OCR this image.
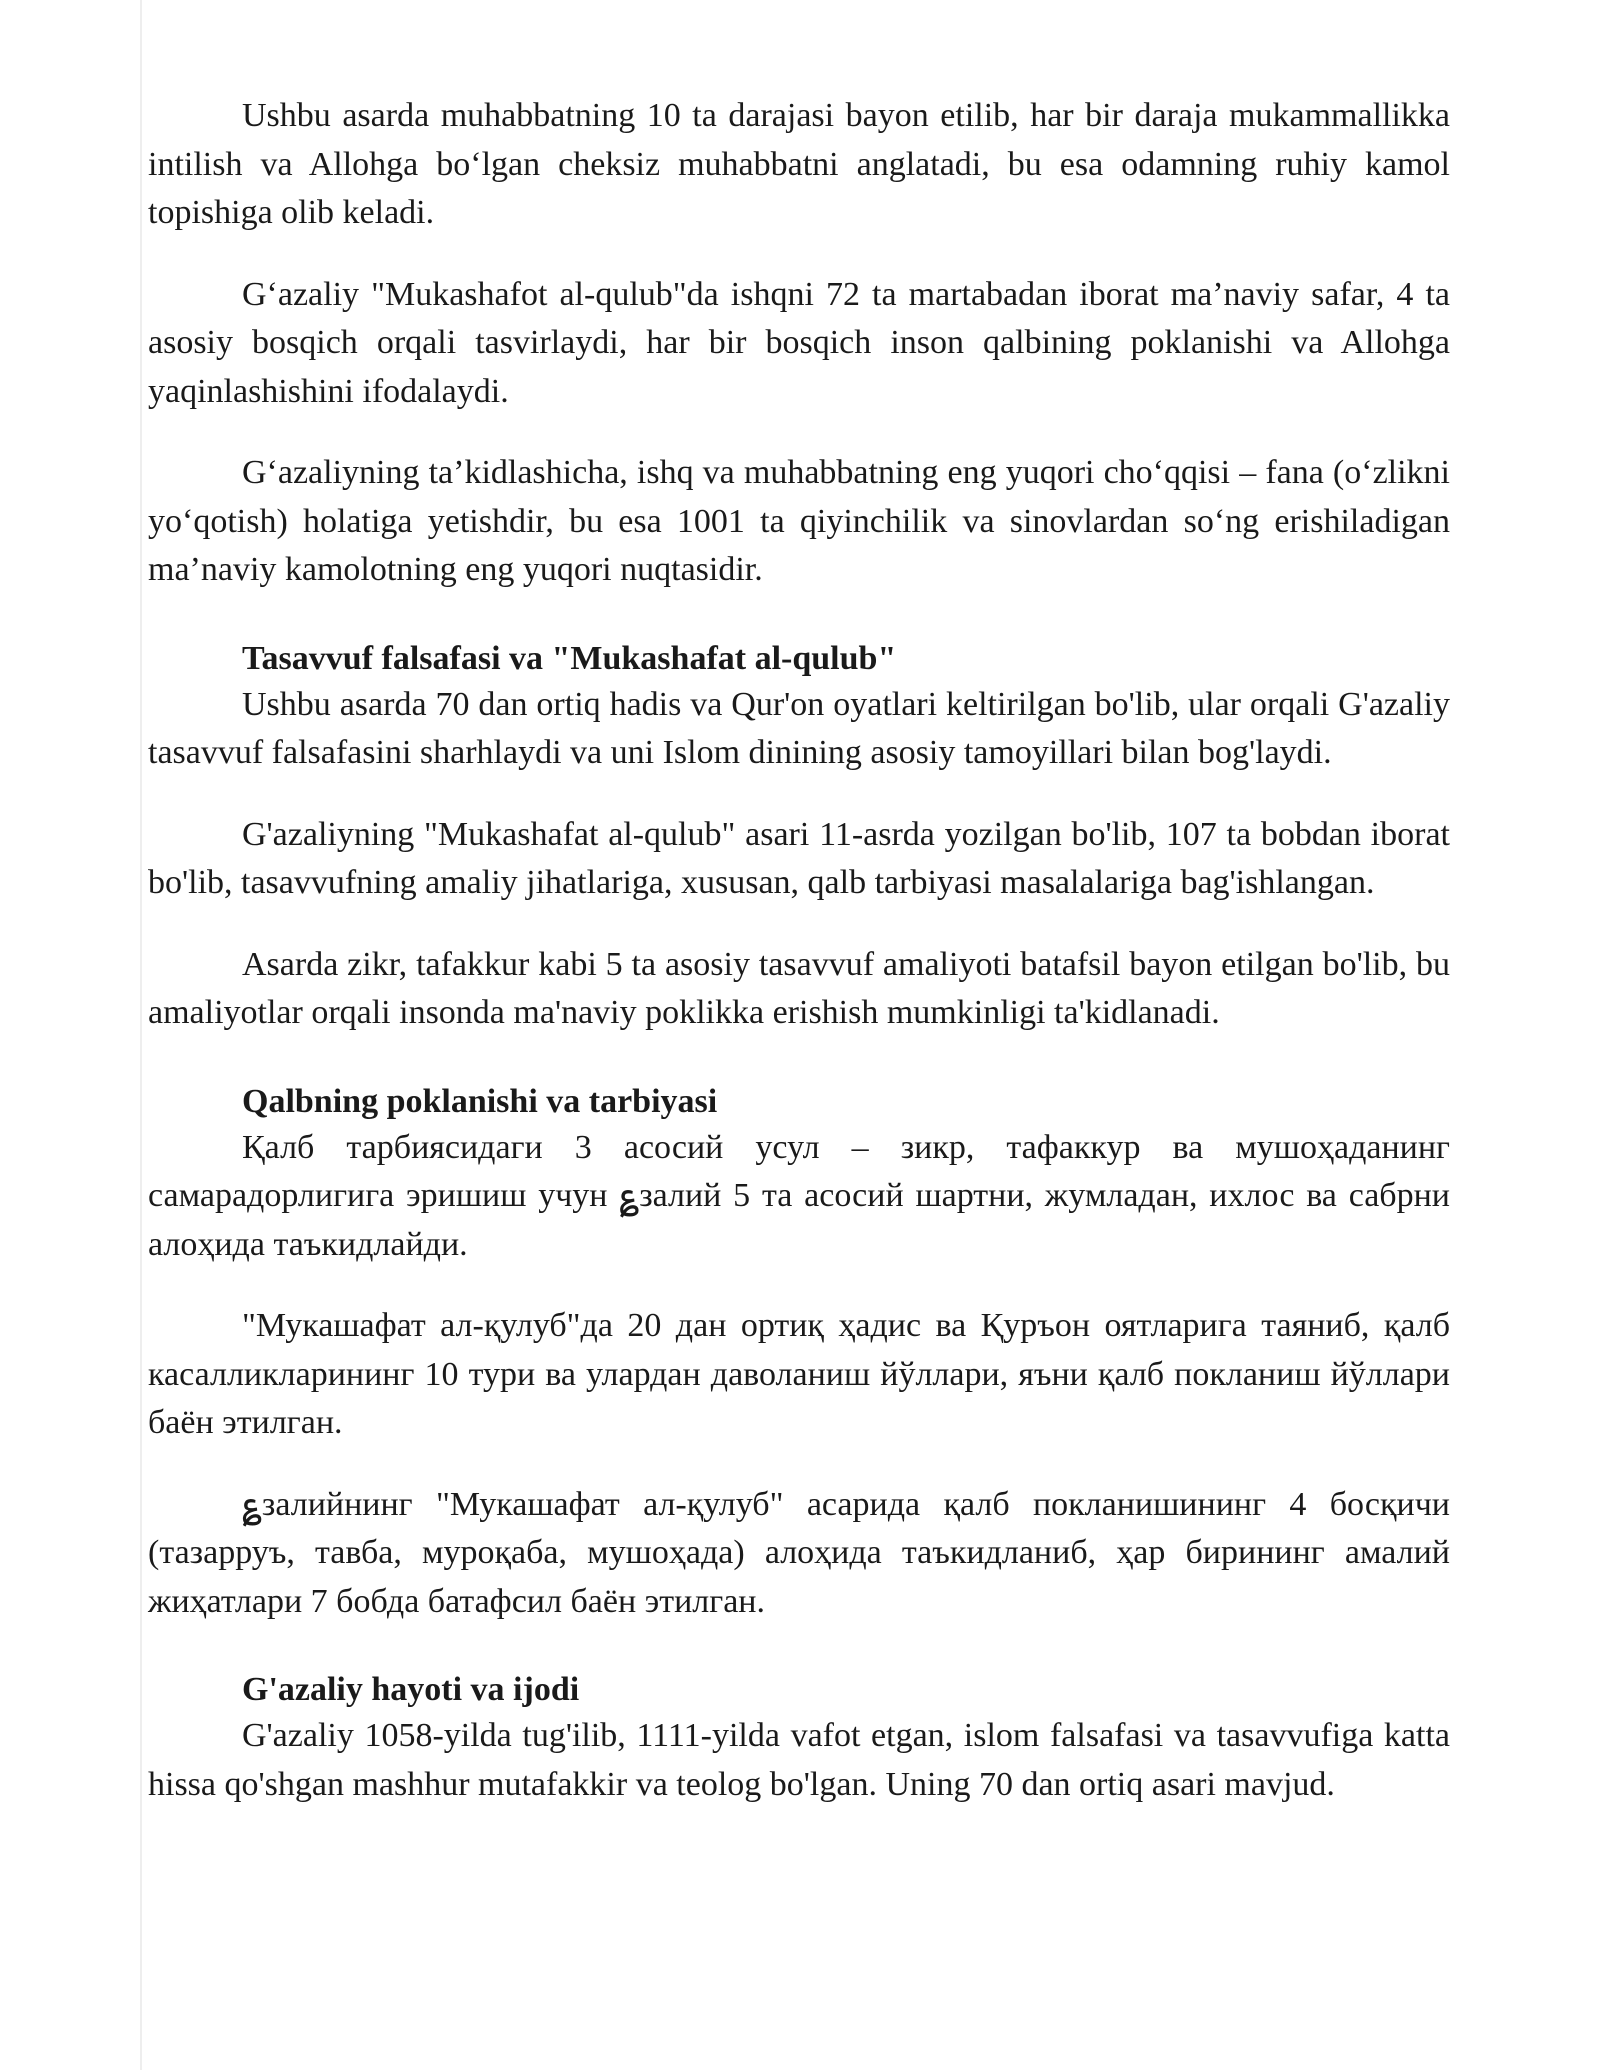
Ushbu asarda muhabbatning 10 ta darajasi bayon etilib, har bir daraja mukammallikka intilish va Allohga bo‘lgan cheksiz muhabbatni anglatadi, bu esa odamning ruhiy kamol topishiga olib keladi.

G‘azaliy "Mukashafot al-qulub"da ishqni 72 ta martabadan iborat ma’naviy safar, 4 ta asosiy bosqich orqali tasvirlaydi, har bir bosqich inson qalbining poklanishi va Allohga yaqinlashishini ifodalaydi.

G‘azaliyning ta’kidlashicha, ishq va muhabbatning eng yuqori cho‘qqisi – fana (o‘zlikni yo‘qotish) holatiga yetishdir, bu esa 1001 ta qiyinchilik va sinovlardan so‘ng erishiladigan ma’naviy kamolotning eng yuqori nuqtasidir.

Tasavvuf falsafasi va "Mukashafat al-qulub"

Ushbu asarda 70 dan ortiq hadis va Qur'on oyatlari keltirilgan bo'lib, ular orqali G'azaliy tasavvuf falsafasini sharhlaydi va uni Islom dinining asosiy tamoyillari bilan bog'laydi.

G'azaliyning "Mukashafat al-qulub" asari 11-asrda yozilgan bo'lib, 107 ta bobdan iborat bo'lib, tasavvufning amaliy jihatlariga, xususan, qalb tarbiyasi masalalariga bag'ishlangan.

Asarda zikr, tafakkur kabi 5 ta asosiy tasavvuf amaliyoti batafsil bayon etilgan bo'lib, bu amaliyotlar orqali insonda ma'naviy poklikka erishish mumkinligi ta'kidlanadi.

Qalbning poklanishi va tarbiyasi

Қалб тарбиясидаги 3 асосий усул – зикр, тафаккур ва мушоҳаданинг самарадорлигига эришиш учун ؏залий 5 та асосий шартни, жумладан, ихлос ва сабрни алоҳида таъкидлайди.

"Мукашафат ал-қулуб"да 20 дан ортиқ ҳадис ва Қуръон оятларига таяниб, қалб касалликларининг 10 тури ва улардан даволаниш йўллари, яъни қалб покланиш йўллари баён этилган.

؏залийнинг "Мукашафат ал-қулуб" асарида қалб покланишининг 4 босқичи (тазарруъ, тавба, муроқаба, мушоҳада) алоҳида таъкидланиб, ҳар бирининг амалий жиҳатлари 7 бобда батафсил баён этилган.

G'azaliy hayoti va ijodi

G'azaliy 1058-yilda tug'ilib, 1111-yilda vafot etgan, islom falsafasi va tasavvufiga katta hissa qo'shgan mashhur mutafakkir va teolog bo'lgan. Uning 70 dan ortiq asari mavjud.
